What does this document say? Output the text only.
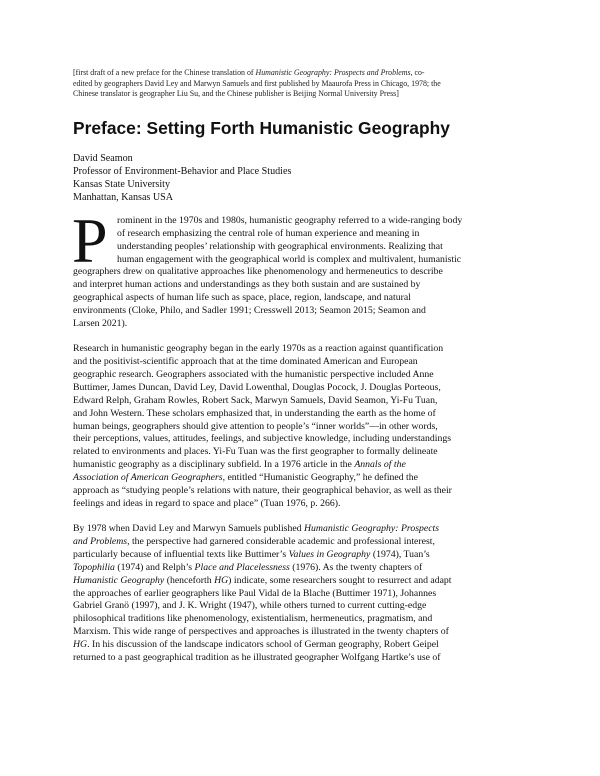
[first draft of a new preface for the Chinese translation of Humanistic Geography: Prospects and Problems, co-
edited by geographers David Ley and Marwyn Samuels and first published by Maaurofa Press in Chicago, 1978; the
Chinese translator is geographer Liu Su, and the Chinese publisher is Beijing Normal University Press]
Preface: Setting Forth Humanistic Geography
David Seamon
Professor of Environment-Behavior and Place Studies
Kansas State University
Manhattan, Kansas USA
P rominent in the 1970s and 1980s, humanistic geography referred to a wide-ranging body
of research emphasizing the central role of human experience and meaning in
understanding peoples’ relationship with geographical environments. Realizing that
human engagement with the geographical world is complex and multivalent, humanistic
geographers drew on qualitative approaches like phenomenology and hermeneutics to describe
and interpret human actions and understandings as they both sustain and are sustained by
geographical aspects of human life such as space, place, region, landscape, and natural
environments (Cloke, Philo, and Sadler 1991; Cresswell 2013; Seamon 2015; Seamon and
Larsen 2021).
Research in humanistic geography began in the early 1970s as a reaction against quantification
and the positivist-scientific approach that at the time dominated American and European
geographic research. Geographers associated with the humanistic perspective included Anne
Buttimer, James Duncan, David Ley, David Lowenthal, Douglas Pocock, J. Douglas Porteous,
Edward Relph, Graham Rowles, Robert Sack, Marwyn Samuels, David Seamon, Yi-Fu Tuan,
and John Western. These scholars emphasized that, in understanding the earth as the home of
human beings, geographers should give attention to people’s “inner worlds”—in other words,
their perceptions, values, attitudes, feelings, and subjective knowledge, including understandings
related to environments and places. Yi-Fu Tuan was the first geographer to formally delineate
humanistic geography as a disciplinary subfield. In a 1976 article in the Annals of the
Association of American Geographers, entitled “Humanistic Geography,” he defined the
approach as “studying people’s relations with nature, their geographical behavior, as well as their
feelings and ideas in regard to space and place” (Tuan 1976, p. 266).
By 1978 when David Ley and Marwyn Samuels published Humanistic Geography: Prospects
and Problems, the perspective had garnered considerable academic and professional interest,
particularly because of influential texts like Buttimer’s Values in Geography (1974), Tuan’s
Topophilia (1974) and Relph’s Place and Placelessness (1976). As the twenty chapters of
Humanistic Geography (henceforth HG) indicate, some researchers sought to resurrect and adapt
the approaches of earlier geographers like Paul Vidal de la Blache (Buttimer 1971), Johannes
Gabriel Granö (1997), and J. K. Wright (1947), while others turned to current cutting-edge
philosophical traditions like phenomenology, existentialism, hermeneutics, pragmatism, and
Marxism. This wide range of perspectives and approaches is illustrated in the twenty chapters of
HG. In his discussion of the landscape indicators school of German geography, Robert Geipel
returned to a past geographical tradition as he illustrated geographer Wolfgang Hartke’s use of
